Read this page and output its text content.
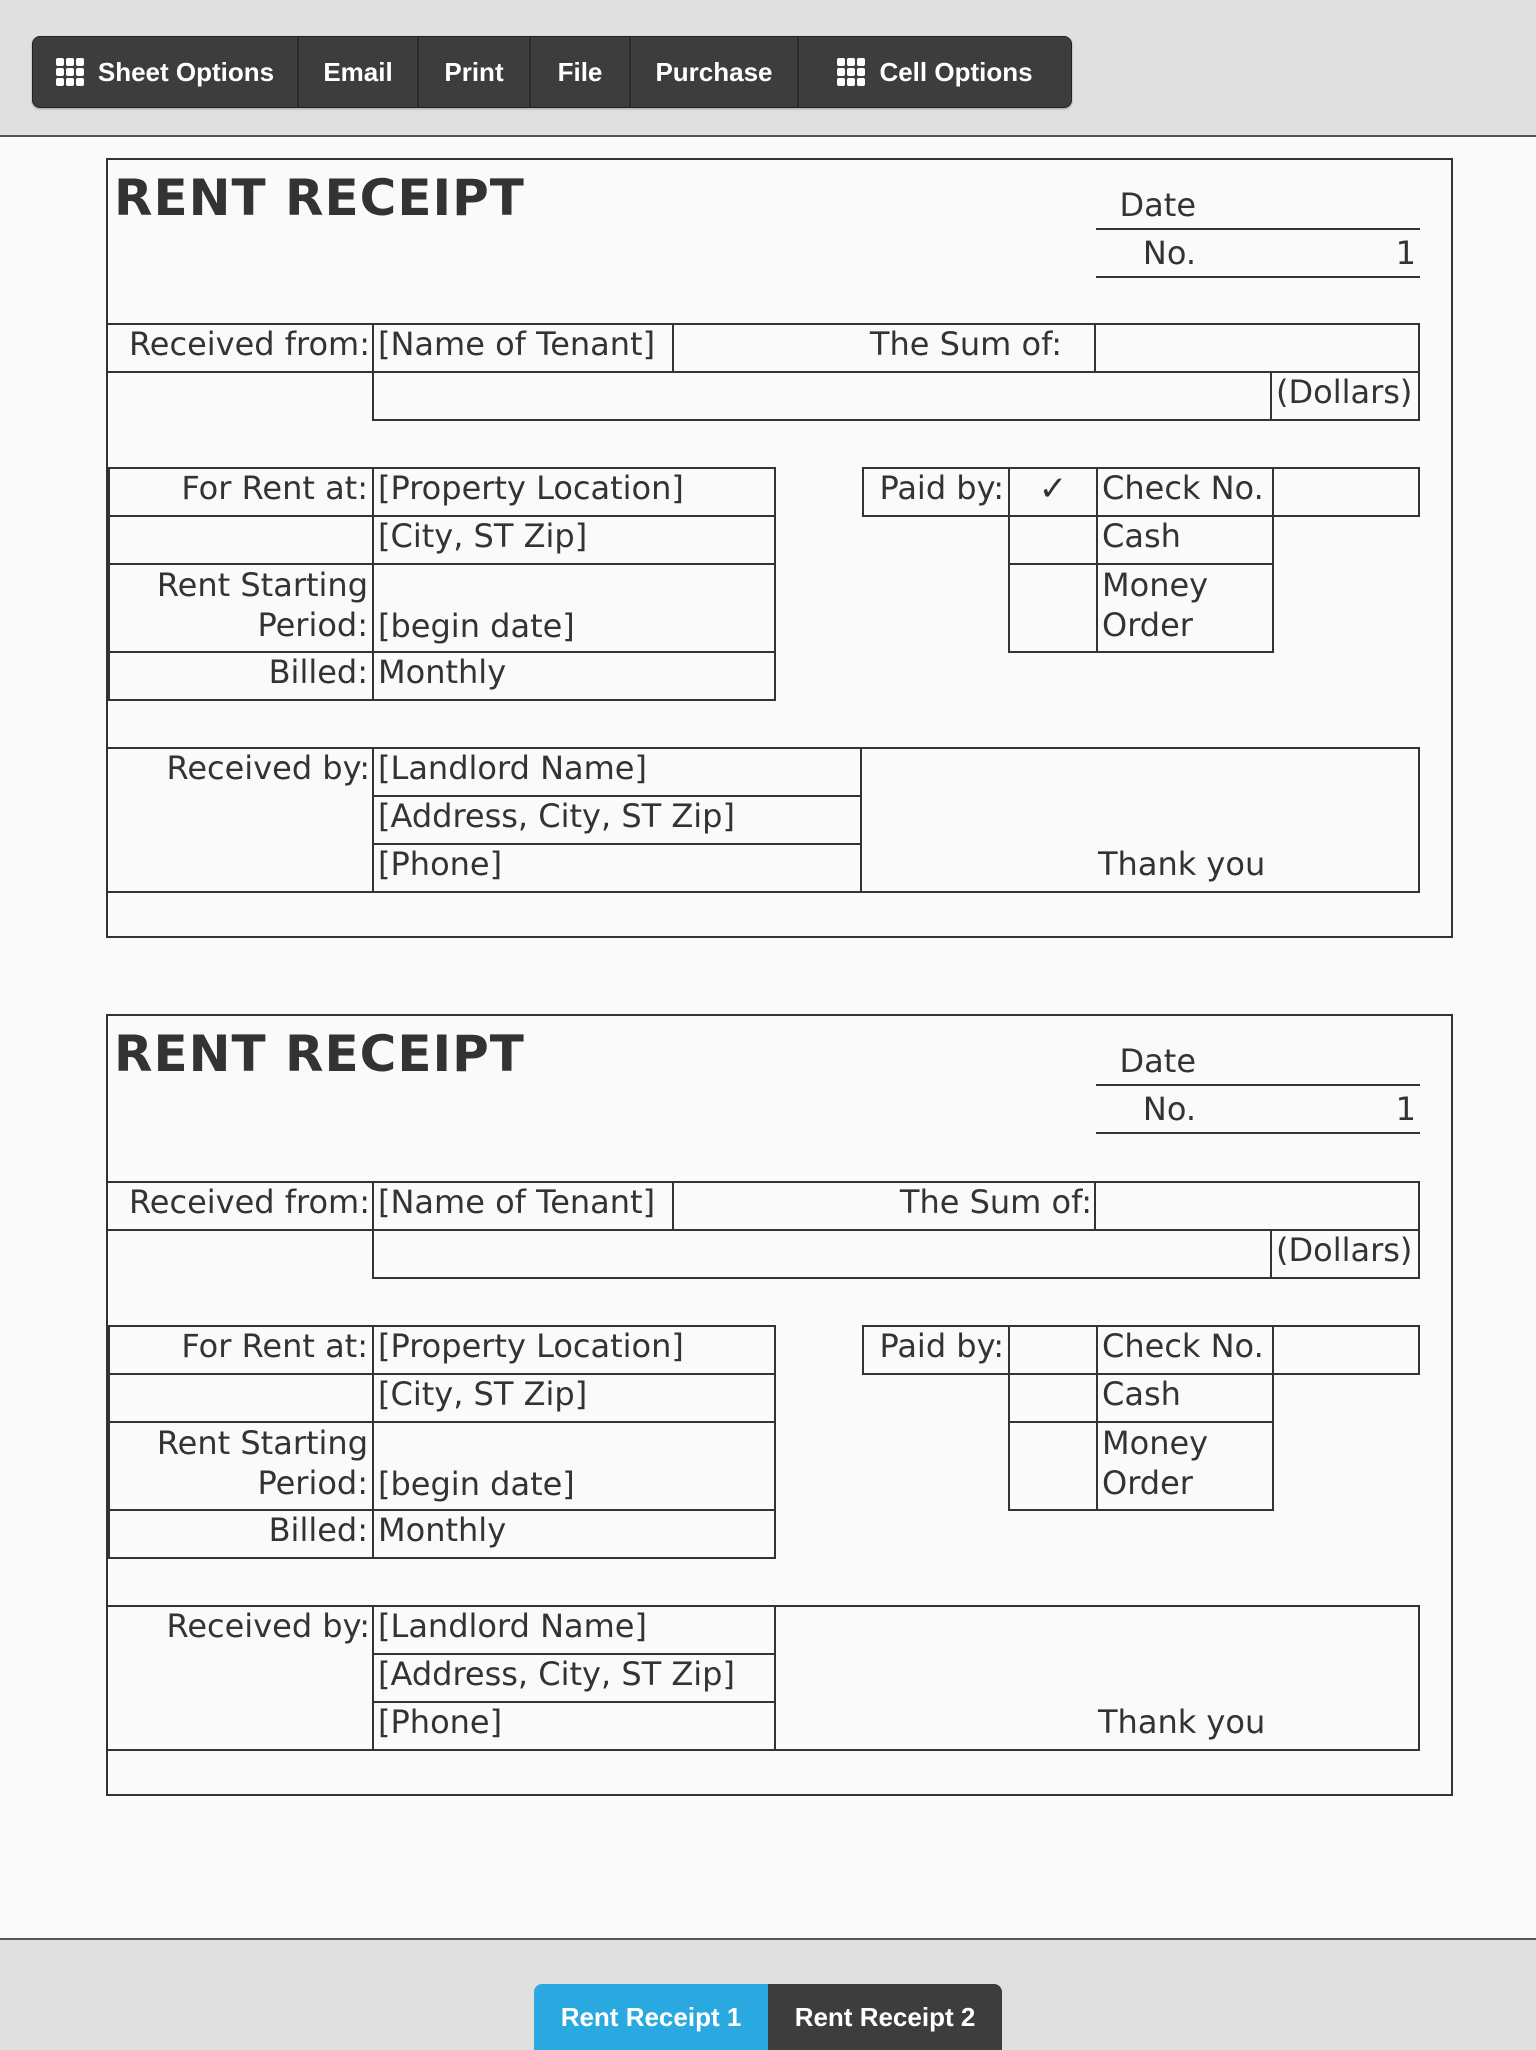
Sheet Options Email Print File Purchase	Cell Options
RENT RECEIPT	Date
No.	1
Received from: [Name of Tenant]	The Sum of:
(Dollars)
For Rent at: [Property Location]
[City, ST Zip]
Rent Starting
Period: [begin date]
Billed: Monthly
Paid by:	✓	Check No.
Cash
Money
Order
Received by: [Landlord Name]
[Address, City, ST Zip]
[Phone]	Thank you
RENT RECEIPT	Date
No.	1
Received from: [Name of Tenant]	The Sum of:
(Dollars)
For Rent at: [Property Location]
[City, ST Zip]
Rent Starting
Period: [begin date]
Billed: Monthly
Paid by:	Check No.
Cash
Money
Order
Received by: [Landlord Name]
[Address, City, ST Zip]
[Phone]	Thank you
Rent Receipt 1	Rent Receipt 2
